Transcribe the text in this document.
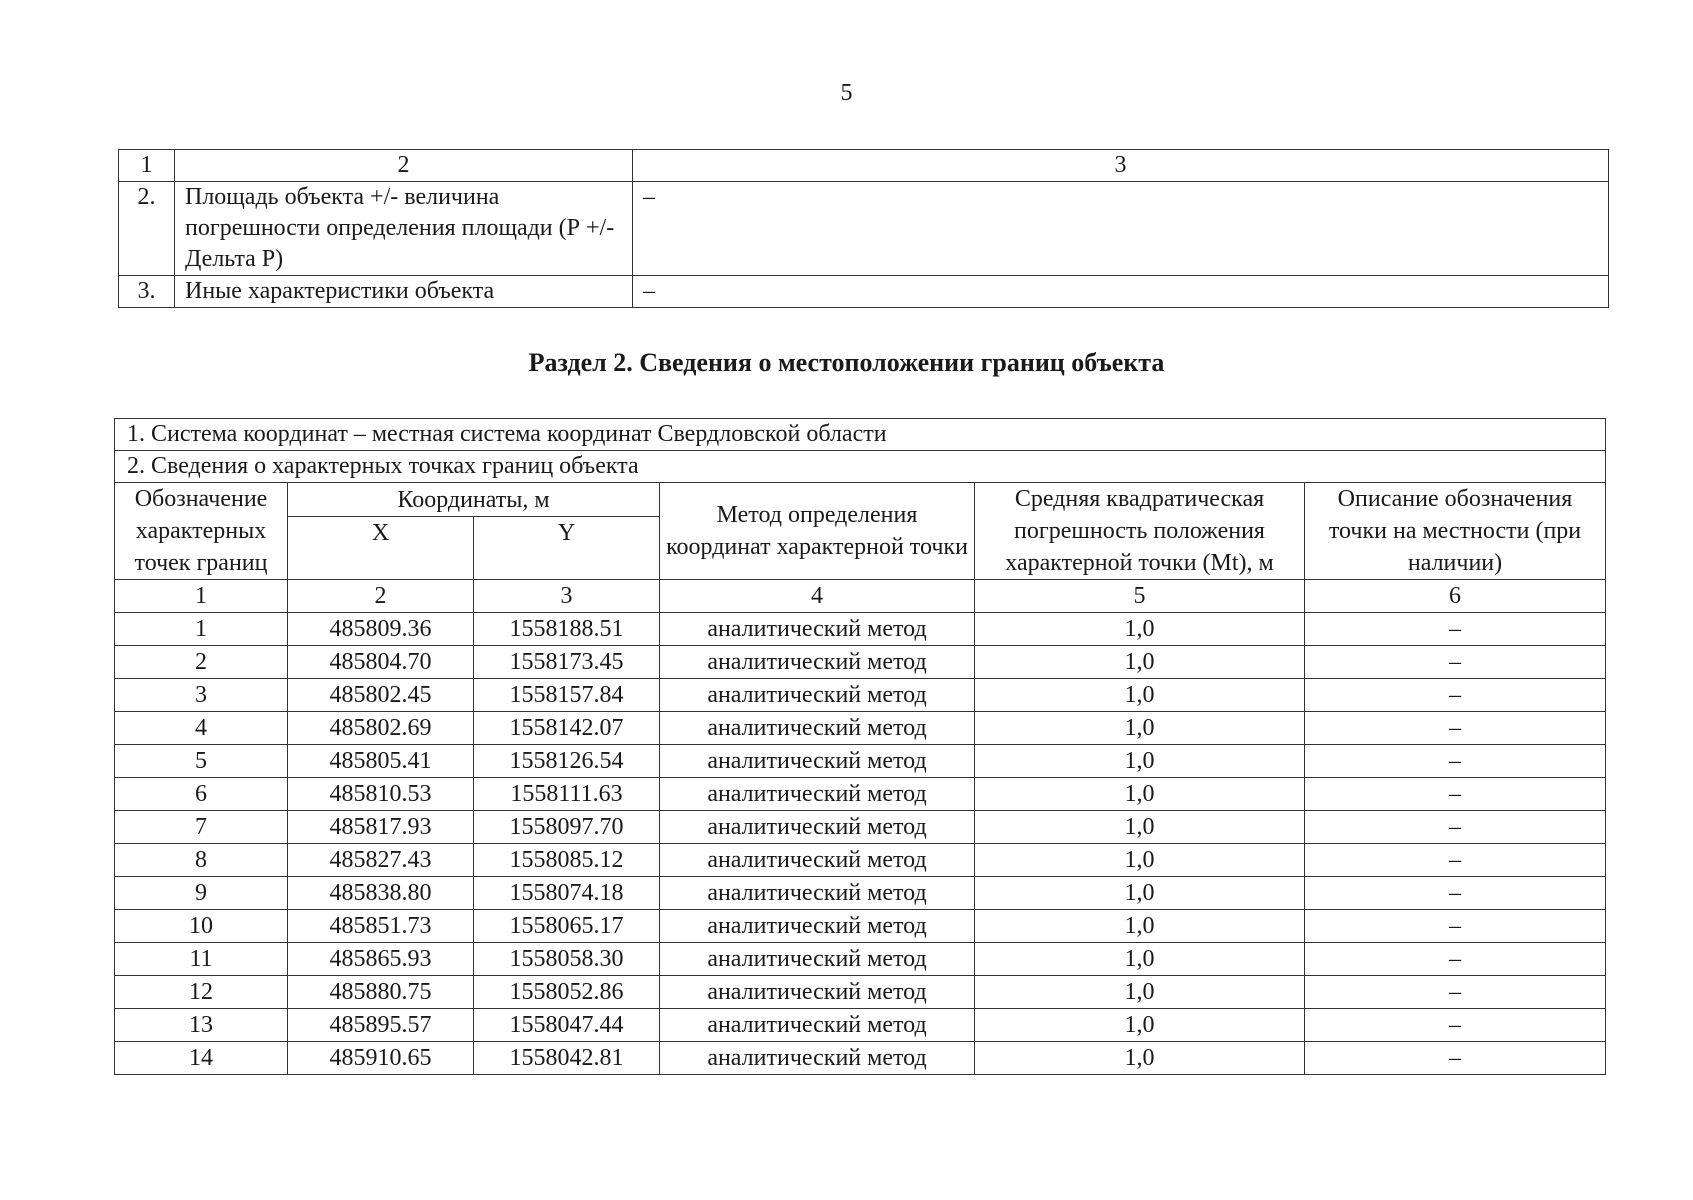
5
1	2	3
2.	Площадь объекта +/- величина погрешности определения площади (Р +/- Дельта Р)	–
3.	Иные характеристики объекта	–
Раздел 2. Сведения о местоположении границ объекта
1. Система координат – местная система координат Свердловской области					
2. Сведения о характерных точках границ объекта					
Обозначение характерных точек границ	Координаты, м		Метод определения координат характерной точки	Средняя квадратическая погрешность положения характерной точки (Mt), м	Описание обозначения точки на местности (при наличии)
	X	Y			
1	2	3	4	5	6
1	485809.36	1558188.51	аналитический метод	1,0	–
2	485804.70	1558173.45	аналитический метод	1,0	–
3	485802.45	1558157.84	аналитический метод	1,0	–
4	485802.69	1558142.07	аналитический метод	1,0	–
5	485805.41	1558126.54	аналитический метод	1,0	–
6	485810.53	1558111.63	аналитический метод	1,0	–
7	485817.93	1558097.70	аналитический метод	1,0	–
8	485827.43	1558085.12	аналитический метод	1,0	–
9	485838.80	1558074.18	аналитический метод	1,0	–
10	485851.73	1558065.17	аналитический метод	1,0	–
11	485865.93	1558058.30	аналитический метод	1,0	–
12	485880.75	1558052.86	аналитический метод	1,0	–
13	485895.57	1558047.44	аналитический метод	1,0	–
14	485910.65	1558042.81	аналитический метод	1,0	–
